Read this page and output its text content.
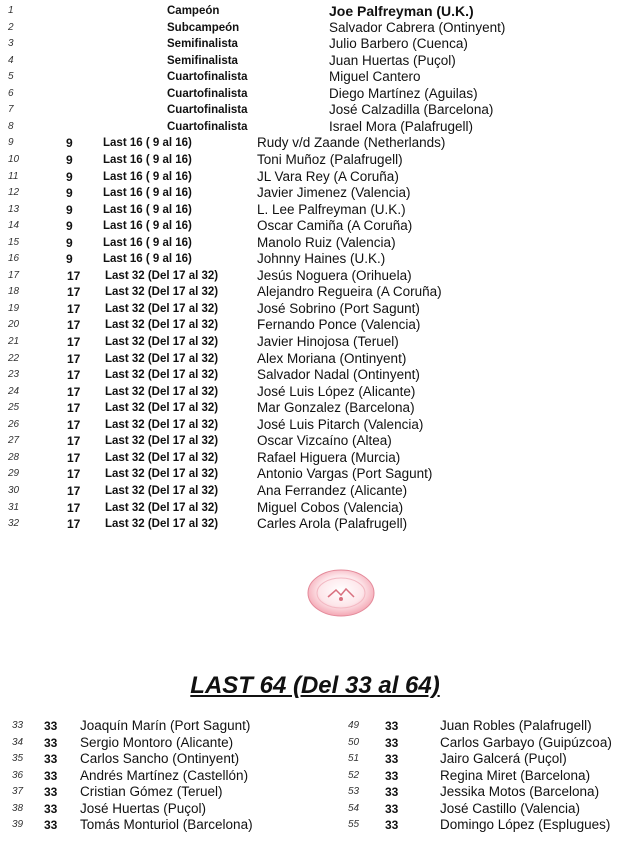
1	Campeón	Joe Palfreyman (U.K.)
2	Subcampeón	Salvador Cabrera (Ontinyent)
3	Semifinalista	Julio Barbero (Cuenca)
4	Semifinalista	Juan Huertas (Puçol)
5	Cuartofinalista	Miguel Cantero
6	Cuartofinalista	Diego Martínez (Aguilas)
7	Cuartofinalista	José Calzadilla (Barcelona)
8	Cuartofinalista	Israel Mora (Palafrugell)
9	9	Last 16 ( 9 al 16)	Rudy v/d Zaande (Netherlands)
10	9	Last 16 ( 9 al 16)	Toni Muñoz (Palafrugell)
11	9	Last 16 ( 9 al 16)	JL Vara Rey (A Coruña)
12	9	Last 16 ( 9 al 16)	Javier Jimenez (Valencia)
13	9	Last 16 ( 9 al 16)	L. Lee Palfreyman (U.K.)
14	9	Last 16 ( 9 al 16)	Oscar Camiña (A Coruña)
15	9	Last 16 ( 9 al 16)	Manolo Ruiz (Valencia)
16	9	Last 16 ( 9 al 16)	Johnny Haines (U.K.)
17	17 Last 32 (Del 17 al 32)	Jesús Noguera (Orihuela)
18	17 Last 32 (Del 17 al 32)	Alejandro Regueira (A Coruña)
19	17 Last 32 (Del 17 al 32)	José Sobrino (Port Sagunt)
20	17 Last 32 (Del 17 al 32)	Fernando Ponce (Valencia)
21	17 Last 32 (Del 17 al 32)	Javier Hinojosa (Teruel)
22	17 Last 32 (Del 17 al 32)	Alex Moriana (Ontinyent)
23	17 Last 32 (Del 17 al 32)	Salvador Nadal (Ontinyent)
24	17 Last 32 (Del 17 al 32)	José Luis López (Alicante)
25	17 Last 32 (Del 17 al 32)	Mar Gonzalez (Barcelona)
26	17 Last 32 (Del 17 al 32)	José Luis Pitarch (Valencia)
27	17 Last 32 (Del 17 al 32)	Oscar Vizcaíno (Altea)
28	17 Last 32 (Del 17 al 32)	Rafael Higuera (Murcia)
29	17 Last 32 (Del 17 al 32)	Antonio Vargas (Port Sagunt)
30	17 Last 32 (Del 17 al 32)	Ana Ferrandez (Alicante)
31	17 Last 32 (Del 17 al 32)	Miguel Cobos (Valencia)
32	17 Last 32 (Del 17 al 32)	Carles Arola (Palafrugell)
LAST 64 (Del 33 al 64)
33 33 Joaquín Marín (Port Sagunt)
34 33 Sergio Montoro (Alicante)
35 33 Carlos Sancho (Ontinyent)
36 33 Andrés Martínez (Castellón)
37 33 Cristian Gómez (Teruel)
38 33 José Huertas (Puçol)
39 33 Tomás Monturiol (Barcelona)
49 33	Juan Robles (Palafrugell)
50 33	Carlos Garbayo (Guipúzcoa)
51 33	Jairo Galcerá (Puçol)
52 33	Regina Miret (Barcelona)
53 33	Jessika Motos (Barcelona)
54 33	José Castillo (Valencia)
55 33	Domingo López (Esplugues)
